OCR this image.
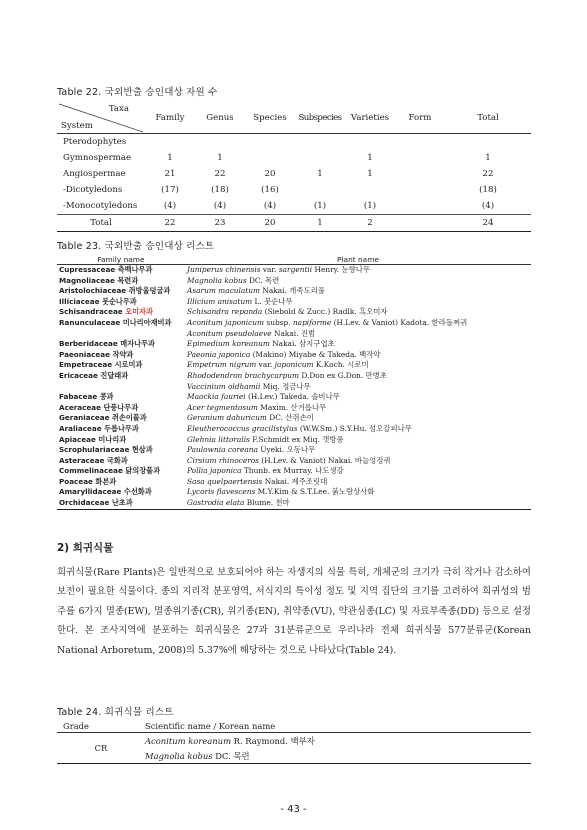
Table 22. 국외반출 승인대상 자원 수
Taxa
System	Family	Genus	Species	Subspecies	Varieties	Form	Total
Pterodophytes							
Gymnospermae	1	1			1		1
Angiospermae	21	22	20	1	1		22
-Dicotyledons	(17)	(18)	(16)				(18)
-Monocotyledons	(4)	(4)	(4)	(1)	(1)		(4)
Total	22	23	20	1	2		24
Table 23. 국외반출 승인대상 리스트
Family name	Plant name
Cupressaceae 측백나무과	Juniperus chinensis var. sargentii Henry. 눈향나무
Magnoliaceae 목련과	Magnolia kobus DC. 목련
Aristolochiaceae 쥐방울덩굴과	Asarum maculatum Nakai. 개족도리풀
Illiciaceae 붓순나무과	Illicium anisatum L. 붓순나무
Schisandraceae 오미자과	Schisandra repanda (Siebold & Zucc.) Radlk. 흑오미자
Ranunculaceae 미나리아재비과	Aconitum japonicum subsp. napiforme (H.Lev. & Vaniot) Kadota. 한라돌쩌귀
	Aconitum pseudolaeve Nakai. 진범
Berberidaceae 매자나무과	Epimedium koreanum Nakai. 삼지구엽초
Paeoniaceae 작약과	Paeonia japonica (Makino) Miyabe & Takeda. 백작약
Empetraceae 시로미과	Empetrum nigrum var. japonicum K.Koch. 시로미
Ericaceae 진달래과	Rhododendron brachycarpum D.Don ex G.Don. 만병초
	Vaccinium oldhamii Miq. 정금나무
Fabaceae 콩과	Maackia fauriei (H.Lev.) Takeda. 솔비나무
Aceraceae 단풍나무과	Acer tegmentosum Maxim. 산겨릅나무
Geraniaceae 쥐손이풀과	Geranium dahuricum DC. 산쥐손이
Araliaceae 두릅나무과	Eleutherococcus gracilistylus (W.W.Sm.) S.Y.Hu. 섬오갈피나무
Apiaceae 미나리과	Glehnia littoralis F.Schmidt ex Miq. 갯방풍
Scrophulariaceae 현삼과	Paulownia coreana Uyeki. 오동나무
Asteraceae 국화과	Cirsium rhinoceros (H.Lev. & Vaniot) Nakai. 바늘엉겅퀴
Commelinaceae 닭의장풀과	Pollia japonica Thunb. ex Murray. 나도생강
Poaceae 화본과	Sasa quelpaertensis Nakai. 제주조릿대
Amaryllidaceae 수선화과	Lycoris flavescens M.Y.Kim & S.T.Lee. 붉노랑상사화
Orchidaceae 난초과	Gastrodia elata Blume. 천마
2) 희귀식물
희귀식물(Rare Plants)은 일반적으로 보호되어야 하는 자생지의 식물 특히, 개체군의 크기가 극히 작거나 감소하여 보전이 필요한 식물이다. 종의 지리적 분포영역, 서식지의 특이성 정도 및 지역 집단의 크기를 고려하여 희귀성의 범주를 6가지 멸종(EW), 멸종위기종(CR), 위기종(EN), 취약종(VU), 약관심종(LC) 및 자료부족종(DD) 등으로 설정한다. 본 조사지역에 분포하는 희귀식물은 27과 31분류군으로 우리나라 전체 희귀식물 577분류군(Korean National Arboretum, 2008)의 5.37%에 해당하는 것으로 나타났다(Table 24).
Table 24. 희귀식물 리스트
Grade	Scientific name / Korean name
CR	Aconitum koreanum R. Raymond. 백부자
	Magnolia kobus DC. 목련
- 43 -
